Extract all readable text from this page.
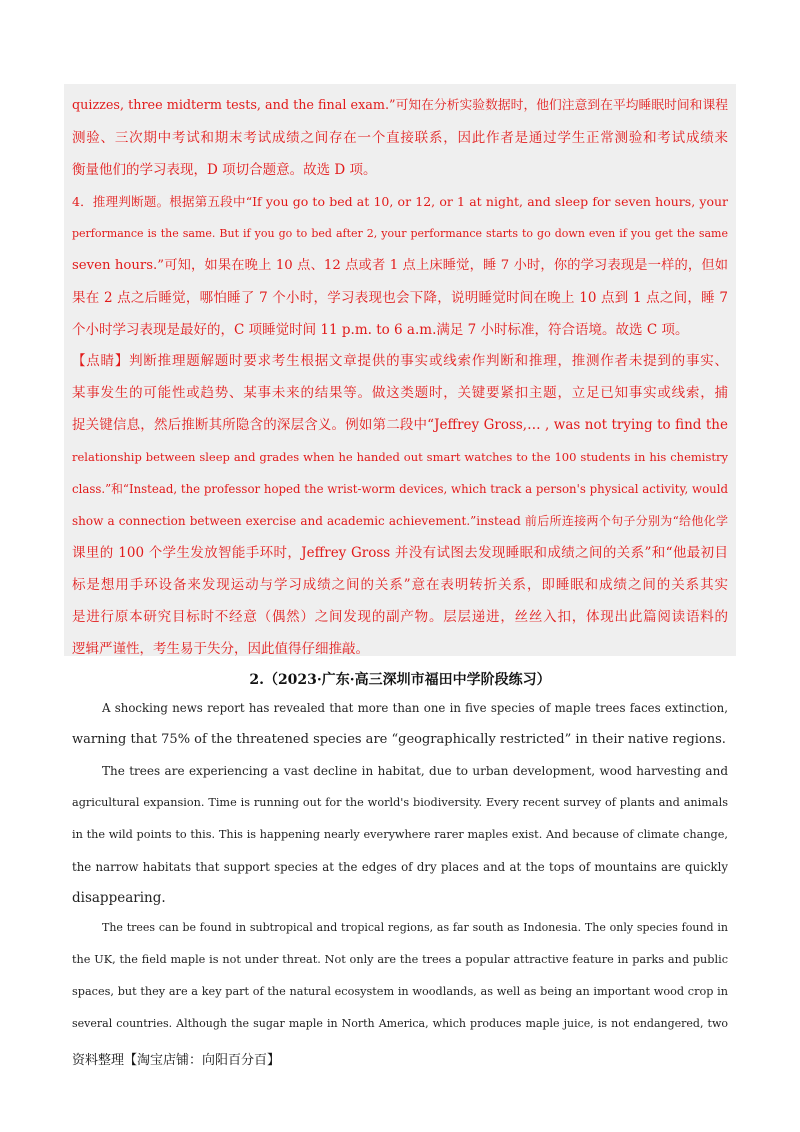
quizzes, three midterm tests, and the final exam.”可知在分析实验数据时，他们注意到在平均睡眠时间和课程
测验、三次期中考试和期末考试成绩之间存在一个直接联系，因此作者是通过学生正常测验和考试成绩来
衡量他们的学习表现，D 项切合题意。故选 D 项。
4．推理判断题。根据第五段中“If you go to bed at 10, or 12, or 1 at night, and sleep for seven hours, your
performance is the same. But if you go to bed after 2, your performance starts to go down even if you get the same
seven hours.”可知，如果在晚上 10 点、12 点或者 1 点上床睡觉，睡 7 小时，你的学习表现是一样的，但如
果在 2 点之后睡觉，哪怕睡了 7 个小时，学习表现也会下降，说明睡觉时间在晚上 10 点到 1 点之间，睡 7
个小时学习表现是最好的，C 项睡觉时间 11 p.m. to 6 a.m.满足 7 小时标准，符合语境。故选 C 项。
【点睛】判断推理题解题时要求考生根据文章提供的事实或线索作判断和推理，推测作者未提到的事实、
某事发生的可能性或趋势、某事未来的结果等。做这类题时，关键要紧扣主题，立足已知事实或线索，捕
捉关键信息，然后推断其所隐含的深层含义。例如第二段中“Jeffrey Gross,… , was not trying to find the
relationship between sleep and grades when he handed out smart watches to the 100 students in his chemistry
class.”和“Instead, the professor hoped the wrist-worm devices, which track a person's physical activity, would
show a connection between exercise and academic achievement.”instead 前后所连接两个句子分别为“给他化学
课里的 100 个学生发放智能手环时，Jeffrey Gross 并没有试图去发现睡眠和成绩之间的关系”和“他最初目
标是想用手环设备来发现运动与学习成绩之间的关系”意在表明转折关系，即睡眠和成绩之间的关系其实
是进行原本研究目标时不经意（偶然）之间发现的副产物。层层递进，丝丝入扣，体现出此篇阅读语料的
逻辑严谨性，考生易于失分，因此值得仔细推敲。
2.（2023·广东·高三深圳市福田中学阶段练习）
A shocking news report has revealed that more than one in five species of maple trees faces extinction,
warning that 75% of the threatened species are “geographically restricted” in their native regions.
The trees are experiencing a vast decline in habitat, due to urban development, wood harvesting and
agricultural expansion. Time is running out for the world's biodiversity. Every recent survey of plants and animals
in the wild points to this. This is happening nearly everywhere rarer maples exist. And because of climate change,
the narrow habitats that support species at the edges of dry places and at the tops of mountains are quickly
disappearing.
The trees can be found in subtropical and tropical regions, as far south as Indonesia. The only species found in
the UK, the field maple is not under threat. Not only are the trees a popular attractive feature in parks and public
spaces, but they are a key part of the natural ecosystem in woodlands, as well as being an important wood crop in
several countries. Although the sugar maple in North America, which produces maple juice, is not endangered, two
资料整理【淘宝店铺：向阳百分百】
